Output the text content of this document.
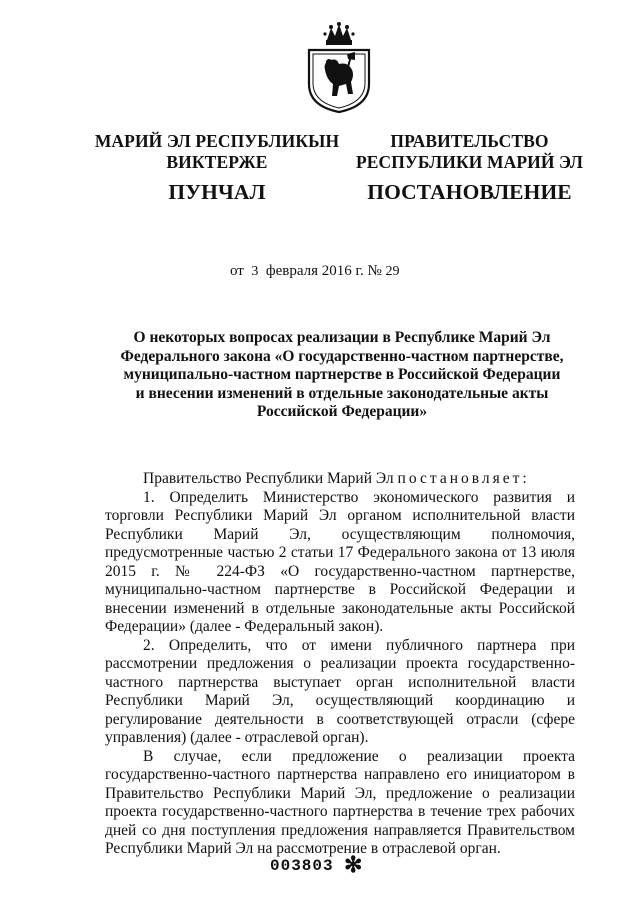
МАРИЙ ЭЛ РЕСПУБЛИКЫН
ВИКТЕРЖЕ
ПУНЧАЛ
ПРАВИТЕЛЬСТВО
РЕСПУБЛИКИ МАРИЙ ЭЛ
ПОСТАНОВЛЕНИЕ
от 3 февраля 2016 г. № 29
О некоторых вопросах реализации в Республике Марий Эл
Федерального закона «О государственно-частном партнерстве,
муниципально-частном партнерстве в Российской Федерации
и внесении изменений в отдельные законодательные акты
Российской Федерации»

Правительство Республики Марий Эл постановляет:

1. Определить Министерство экономического развития и торговли Республики Марий Эл органом исполнительной власти Республики Марий Эл, осуществляющим полномочия, предусмотренные частью 2 статьи 17 Федерального закона от 13 июля 2015 г. № 224-ФЗ «О государственно-частном партнерстве, муниципально-частном партнерстве в Российской Федерации и внесении изменений в отдельные законодательные акты Российской Федерации» (далее - Федеральный закон).

2. Определить, что от имени публичного партнера при рассмотрении предложения о реализации проекта государственно-частного партнерства выступает орган исполнительной власти Республики Марий Эл, осуществляющий координацию и регулирование деятельности в соответствующей отрасли (сфере управления) (далее - отраслевой орган).

В случае, если предложение о реализации проекта государственно-частного партнерства направлено его инициатором в Правительство Республики Марий Эл, предложение о реализации проекта государственно-частного партнерства в течение трех рабочих дней со дня поступления предложения направляется Правительством Республики Марий Эл на рассмотрение в отраслевой орган.

003803 ✻
